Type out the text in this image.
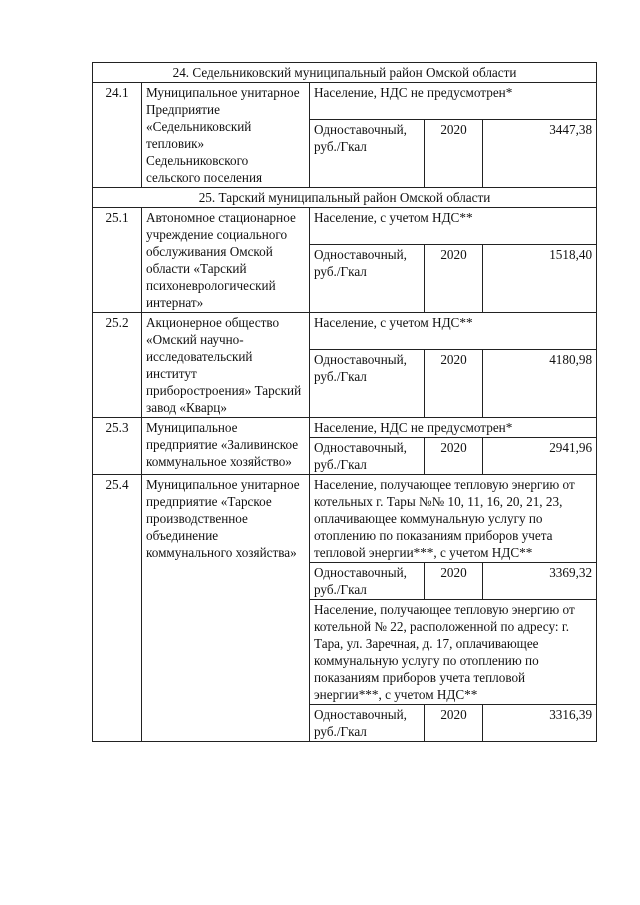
24. Седельниковский муниципальный район Омской области				
24.1	Муниципальное унитарное Предприятие «Седельниковский тепловик» Седельниковского сельского поселения	Население, НДС не предусмотрен*		
		Одноставочный, руб./Гкал	2020	3447,38
25. Тарский муниципальный район Омской области				
25.1	Автономное стационарное учреждение социального обслуживания Омской области «Тарский психоневрологический интернат»	Население, с учетом НДС**		
		Одноставочный, руб./Гкал	2020	1518,40
25.2	Акционерное общество «Омский научно-исследовательский институт приборостроения» Тарский завод «Кварц»	Население, с учетом НДС**		
		Одноставочный, руб./Гкал	2020	4180,98
25.3	Муниципальное предприятие «Заливинское коммунальное хозяйство»	Население, НДС не предусмотрен*		
		Одноставочный, руб./Гкал	2020	2941,96
25.4	Муниципальное унитарное предприятие «Тарское производственное объединение коммунального хозяйства»	Население, получающее тепловую энергию от котельных г. Тары №№ 10, 11, 16, 20, 21, 23, оплачивающее коммунальную услугу по отоплению по показаниям приборов учета тепловой энергии***, с учетом НДС**		
		Одноставочный, руб./Гкал	2020	3369,32
		Население, получающее тепловую энергию от котельной № 22, расположенной по адресу: г. Тара, ул. Заречная, д. 17, оплачивающее коммунальную услугу по отоплению по показаниям приборов учета тепловой энергии***, с учетом НДС**		
		Одноставочный, руб./Гкал	2020	3316,39
